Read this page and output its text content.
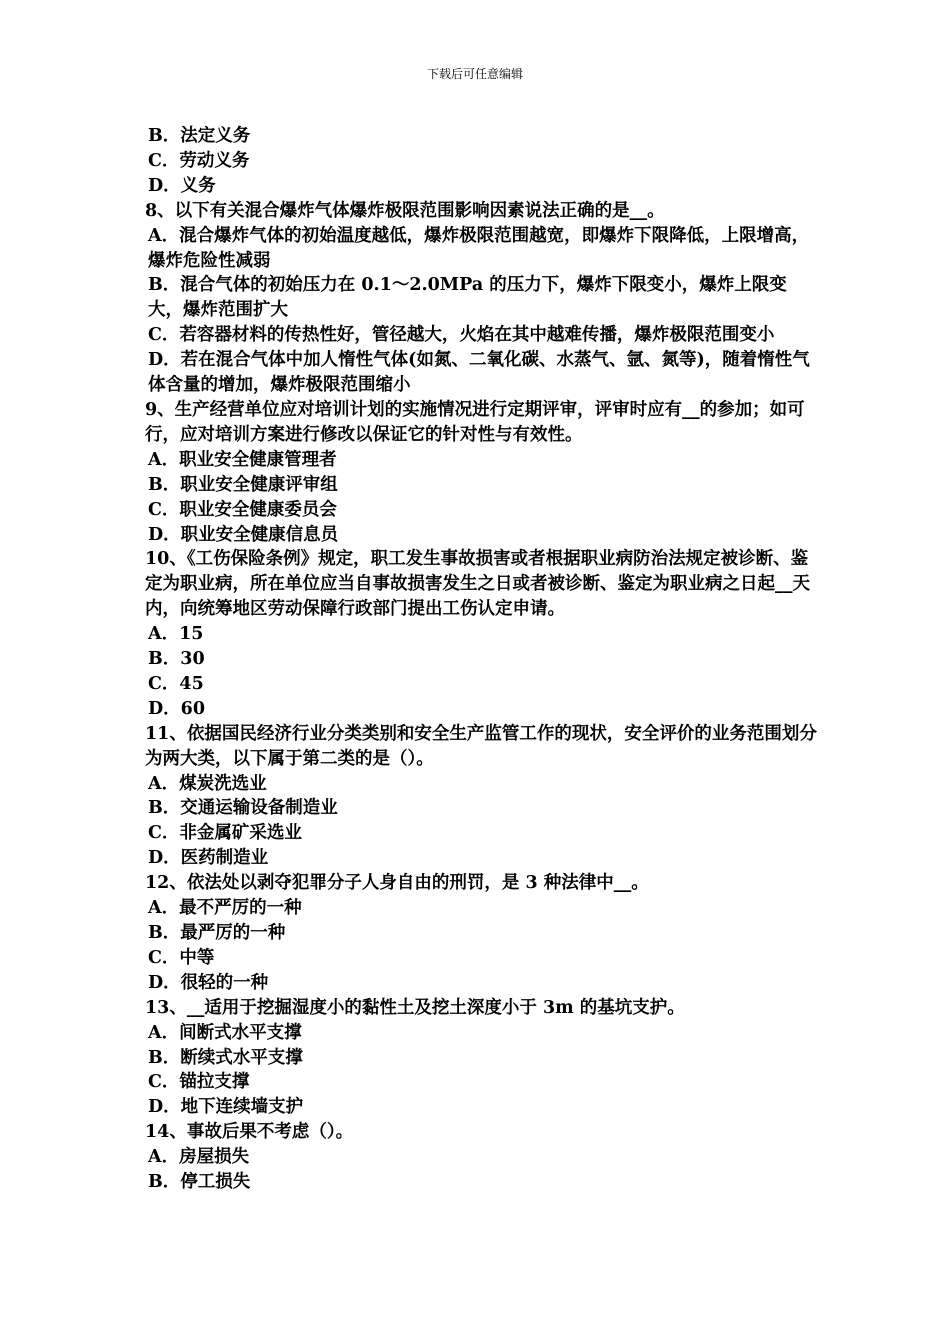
下载后可任意编辑

B．法定义务

C．劳动义务

D．义务

8、以下有关混合爆炸气体爆炸极限范围影响因素说法正确的是__。

A．混合爆炸气体的初始温度越低，爆炸极限范围越宽，即爆炸下限降低，上限增高，爆炸危险性减弱

B．混合气体的初始压力在 0.1～2.0MPa 的压力下，爆炸下限变小，爆炸上限变大，爆炸范围扩大

C．若容器材料的传热性好，管径越大，火焰在其中越难传播，爆炸极限范围变小

D．若在混合气体中加人惰性气体(如氮、二氧化碳、水蒸气、氩、氮等)，随着惰性气体含量的增加，爆炸极限范围缩小

9、生产经营单位应对培训计划的实施情况进行定期评审，评审时应有__的参加；如可行，应对培训方案进行修改以保证它的针对性与有效性。

A．职业安全健康管理者

B．职业安全健康评审组

C．职业安全健康委员会

D．职业安全健康信息员

10、《工伤保险条例》规定，职工发生事故损害或者根据职业病防治法规定被诊断、鉴定为职业病，所在单位应当自事故损害发生之日或者被诊断、鉴定为职业病之日起__天内，向统筹地区劳动保障行政部门提出工伤认定申请。

A．15

B．30

C．45

D．60

11、依据国民经济行业分类类别和安全生产监管工作的现状，安全评价的业务范围划分为两大类，以下属于第二类的是（）。

A．煤炭洗选业

B．交通运输设备制造业

C．非金属矿采选业

D．医药制造业

12、依法处以剥夺犯罪分子人身自由的刑罚，是 3 种法律中__。

A．最不严厉的一种

B．最严厉的一种

C．中等

D．很轻的一种

13、__适用于挖掘湿度小的黏性土及挖土深度小于 3m 的基坑支护。

A．间断式水平支撑

B．断续式水平支撑

C．锚拉支撑

D．地下连续墙支护

14、事故后果不考虑（）。

A．房屋损失

B．停工损失
